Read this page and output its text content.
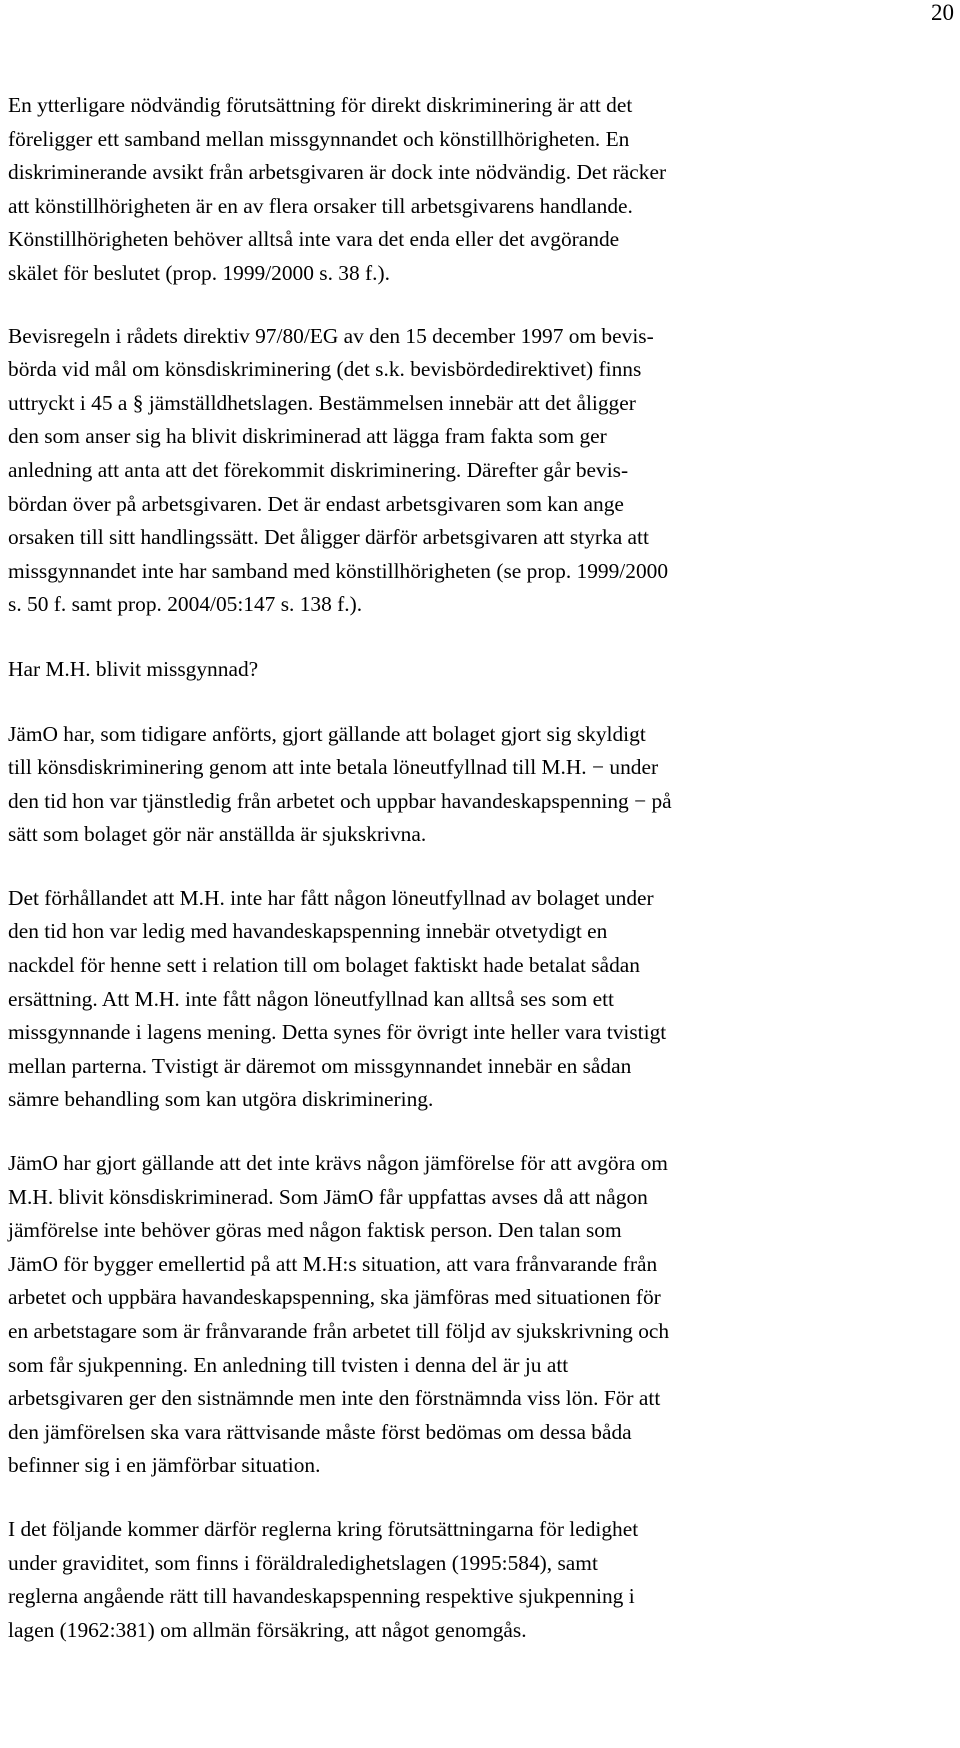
20

En ytterligare nödvändig förutsättning för direkt diskriminering är att det
föreligger ett samband mellan missgynnandet och könstillhörigheten. En
diskriminerande avsikt från arbetsgivaren är dock inte nödvändig. Det räcker
att könstillhörigheten är en av flera orsaker till arbetsgivarens handlande.
Könstillhörigheten behöver alltså inte vara det enda eller det avgörande
skälet för beslutet (prop. 1999/2000 s. 38 f.).

Bevisregeln i rådets direktiv 97/80/EG av den 15 december 1997 om bevis-
börda vid mål om könsdiskriminering (det s.k. bevisbördedirektivet) finns
uttryckt i 45 a § jämställdhetslagen. Bestämmelsen innebär att det åligger
den som anser sig ha blivit diskriminerad att lägga fram fakta som ger
anledning att anta att det förekommit diskriminering. Därefter går bevis-
bördan över på arbetsgivaren. Det är endast arbetsgivaren som kan ange
orsaken till sitt handlingssätt. Det åligger därför arbetsgivaren att styrka att
missgynnandet inte har samband med könstillhörigheten (se prop. 1999/2000
s. 50 f. samt prop. 2004/05:147 s. 138 f.).

Har M.H. blivit missgynnad?

JämO har, som tidigare anförts, gjort gällande att bolaget gjort sig skyldigt
till könsdiskriminering genom att inte betala löneutfyllnad till M.H. − under
den tid hon var tjänstledig från arbetet och uppbar havandeskapspenning − på
sätt som bolaget gör när anställda är sjukskrivna.

Det förhållandet att M.H. inte har fått någon löneutfyllnad av bolaget under
den tid hon var ledig med havandeskapspenning innebär otvetydigt en
nackdel för henne sett i relation till om bolaget faktiskt hade betalat sådan
ersättning. Att M.H. inte fått någon löneutfyllnad kan alltså ses som ett
missgynnande i lagens mening. Detta synes för övrigt inte heller vara tvistigt
mellan parterna. Tvistigt är däremot om missgynnandet innebär en sådan
sämre behandling som kan utgöra diskriminering.

JämO har gjort gällande att det inte krävs någon jämförelse för att avgöra om
M.H. blivit könsdiskriminerad. Som JämO får uppfattas avses då att någon
jämförelse inte behöver göras med någon faktisk person. Den talan som
JämO för bygger emellertid på att M.H:s situation, att vara frånvarande från
arbetet och uppbära havandeskapspenning, ska jämföras med situationen för
en arbetstagare som är frånvarande från arbetet till följd av sjukskrivning och
som får sjukpenning. En anledning till tvisten i denna del är ju att
arbetsgivaren ger den sistnämnde men inte den förstnämnda viss lön. För att
den jämförelsen ska vara rättvisande måste först bedömas om dessa båda
befinner sig i en jämförbar situation.

I det följande kommer därför reglerna kring förutsättningarna för ledighet
under graviditet, som finns i föräldraledighetslagen (1995:584), samt
reglerna angående rätt till havandeskapspenning respektive sjukpenning i
lagen (1962:381) om allmän försäkring, att något genomgås.
